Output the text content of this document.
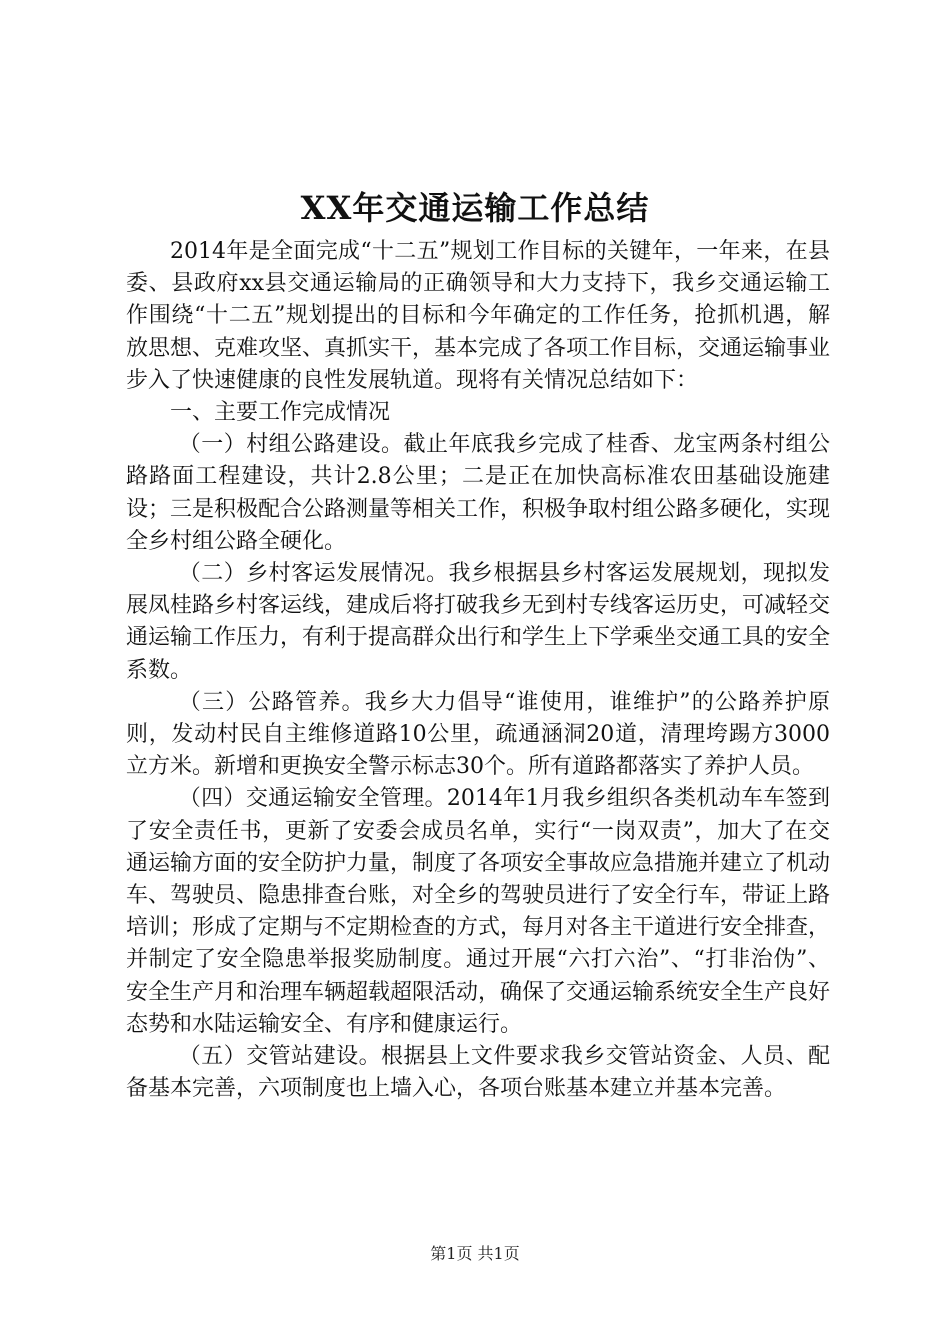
XX年交通运输工作总结

2014年是全面完成“十二五”规划工作目标的关键年，一年来，在县委、县政府xx县交通运输局的正确领导和大力支持下，我乡交通运输工作围绕“十二五”规划提出的目标和今年确定的工作任务，抢抓机遇，解放思想、克难攻坚、真抓实干，基本完成了各项工作目标，交通运输事业步入了快速健康的良性发展轨道。现将有关情况总结如下：

一、主要工作完成情况

（一）村组公路建设。截止年底我乡完成了桂香、龙宝两条村组公路路面工程建设，共计2.8公里；二是正在加快高标准农田基础设施建设；三是积极配合公路测量等相关工作，积极争取村组公路多硬化，实现全乡村组公路全硬化。

（二）乡村客运发展情况。我乡根据县乡村客运发展规划，现拟发展凤桂路乡村客运线，建成后将打破我乡无到村专线客运历史，可减轻交通运输工作压力，有利于提高群众出行和学生上下学乘坐交通工具的安全系数。

（三）公路管养。我乡大力倡导“谁使用，谁维护”的公路养护原则，发动村民自主维修道路10公里，疏通涵洞20道，清理垮踢方3000立方米。新增和更换安全警示标志30个。所有道路都落实了养护人员。

（四）交通运输安全管理。2014年1月我乡组织各类机动车车签到了安全责任书，更新了安委会成员名单，实行“一岗双责”，加大了在交通运输方面的安全防护力量，制度了各项安全事故应急措施并建立了机动车、驾驶员、隐患排查台账，对全乡的驾驶员进行了安全行车，带证上路培训；形成了定期与不定期检查的方式，每月对各主干道进行安全排查，并制定了安全隐患举报奖励制度。通过开展“六打六治”、“打非治伪”、安全生产月和治理车辆超载超限活动，确保了交通运输系统安全生产良好态势和水陆运输安全、有序和健康运行。

（五）交管站建设。根据县上文件要求我乡交管站资金、人员、配备基本完善，六项制度也上墙入心，各项台账基本建立并基本完善。

第1页 共1页
